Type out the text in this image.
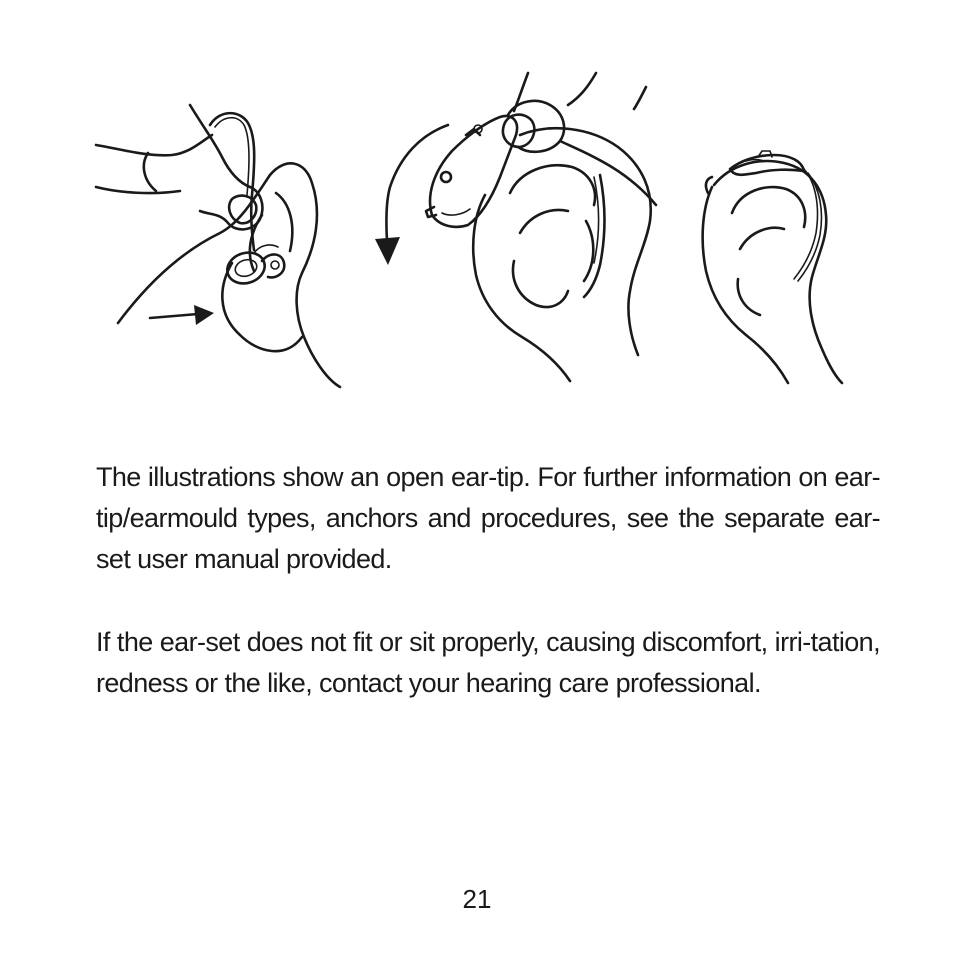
The illustrations show an open ear-tip. For further information on ear-tip/earmould types, anchors and procedures, see the separate ear-set user manual provided.

If the ear-set does not fit or sit properly, causing discomfort, irri-tation, redness or the like, contact your hearing care professional.

21
